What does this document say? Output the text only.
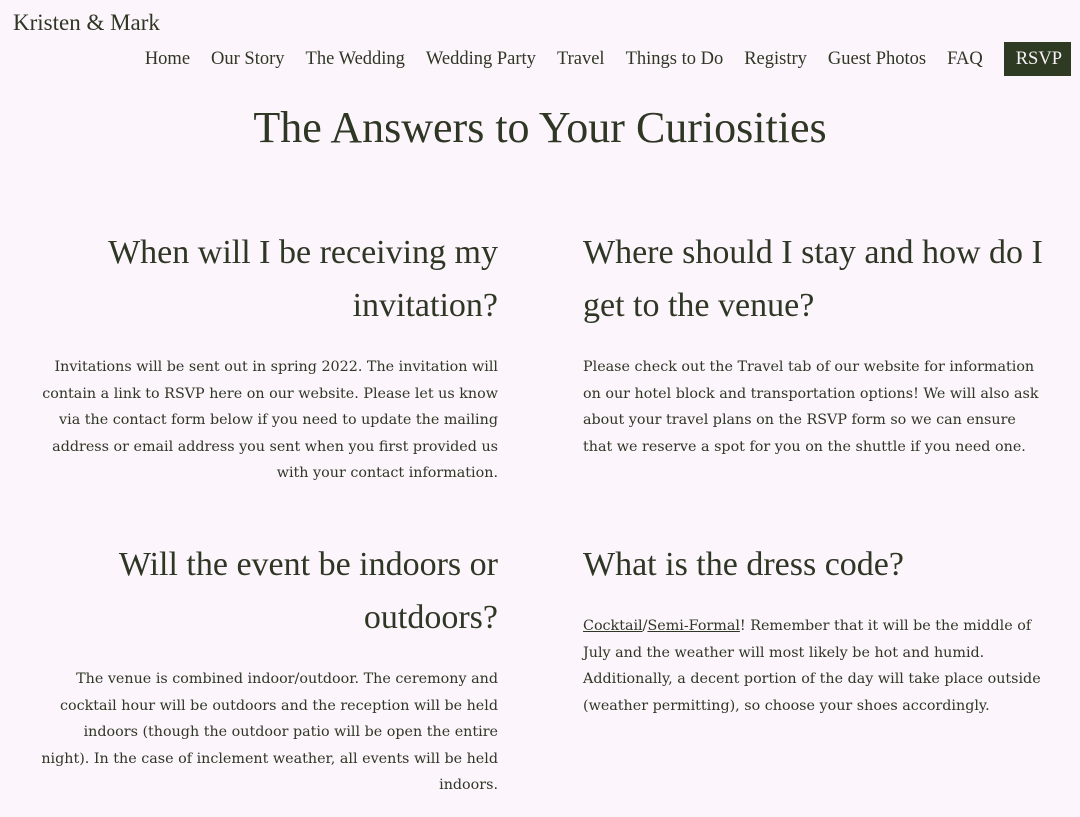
Kristen & Mark
Home Our Story The Wedding Wedding Party Travel Things to Do Registry Guest Photos FAQ	RSVP
The Answers to Your Curiosities
When will I be receiving my invitation?

Invitations will be sent out in spring 2022. The invitation will contain a link to RSVP here on our website. Please let us know via the contact form below if you need to update the mailing address or email address you sent when you first provided us with your contact information.

Where should I stay and how do I get to the venue?

Please check out the Travel tab of our website for information on our hotel block and transportation options! We will also ask about your travel plans on the RSVP form so we can ensure that we reserve a spot for you on the shuttle if you need one.

Will the event be indoors or outdoors?

The venue is combined indoor/outdoor. The ceremony and cocktail hour will be outdoors and the reception will be held indoors (though the outdoor patio will be open the entire night). In the case of inclement weather, all events will be held indoors.

What is the dress code?

Cocktail/Semi-Formal! Remember that it will be the middle of July and the weather will most likely be hot and humid. Additionally, a decent portion of the day will take place outside (weather permitting), so choose your shoes accordingly.
